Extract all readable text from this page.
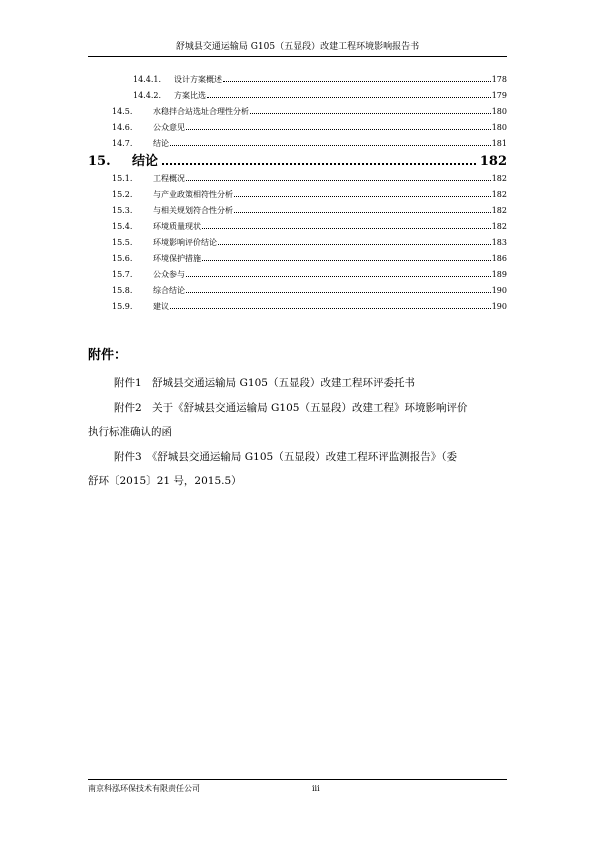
舒城县交通运输局 G105（五显段）改建工程环境影响报告书
14.4.1.	设计方案概述	178
14.4.2.	方案比选	179
14.5.	水稳拌合站选址合理性分析	180
14.6.	公众意见	180
14.7.	结论	181
15.	结论	182
15.1.	工程概况	182
15.2.	与产业政策相符性分析	182
15.3.	与相关规划符合性分析	182
15.4.	环境质量现状	182
15.5.	环境影响评价结论	183
15.6.	环境保护措施	186
15.7.	公众参与	189
15.8.	综合结论	190
15.9.	建议	190
附件：
附件1　舒城县交通运输局 G105（五显段）改建工程环评委托书
附件2　关于《舒城县交通运输局 G105（五显段）改建工程》环境影响评价
执行标准确认的函
附件3　《舒城县交通运输局 G105（五显段）改建工程环评监测报告》（委
舒环〔2015〕21 号，2015.5）
南京科泓环保技术有限责任公司	iii
